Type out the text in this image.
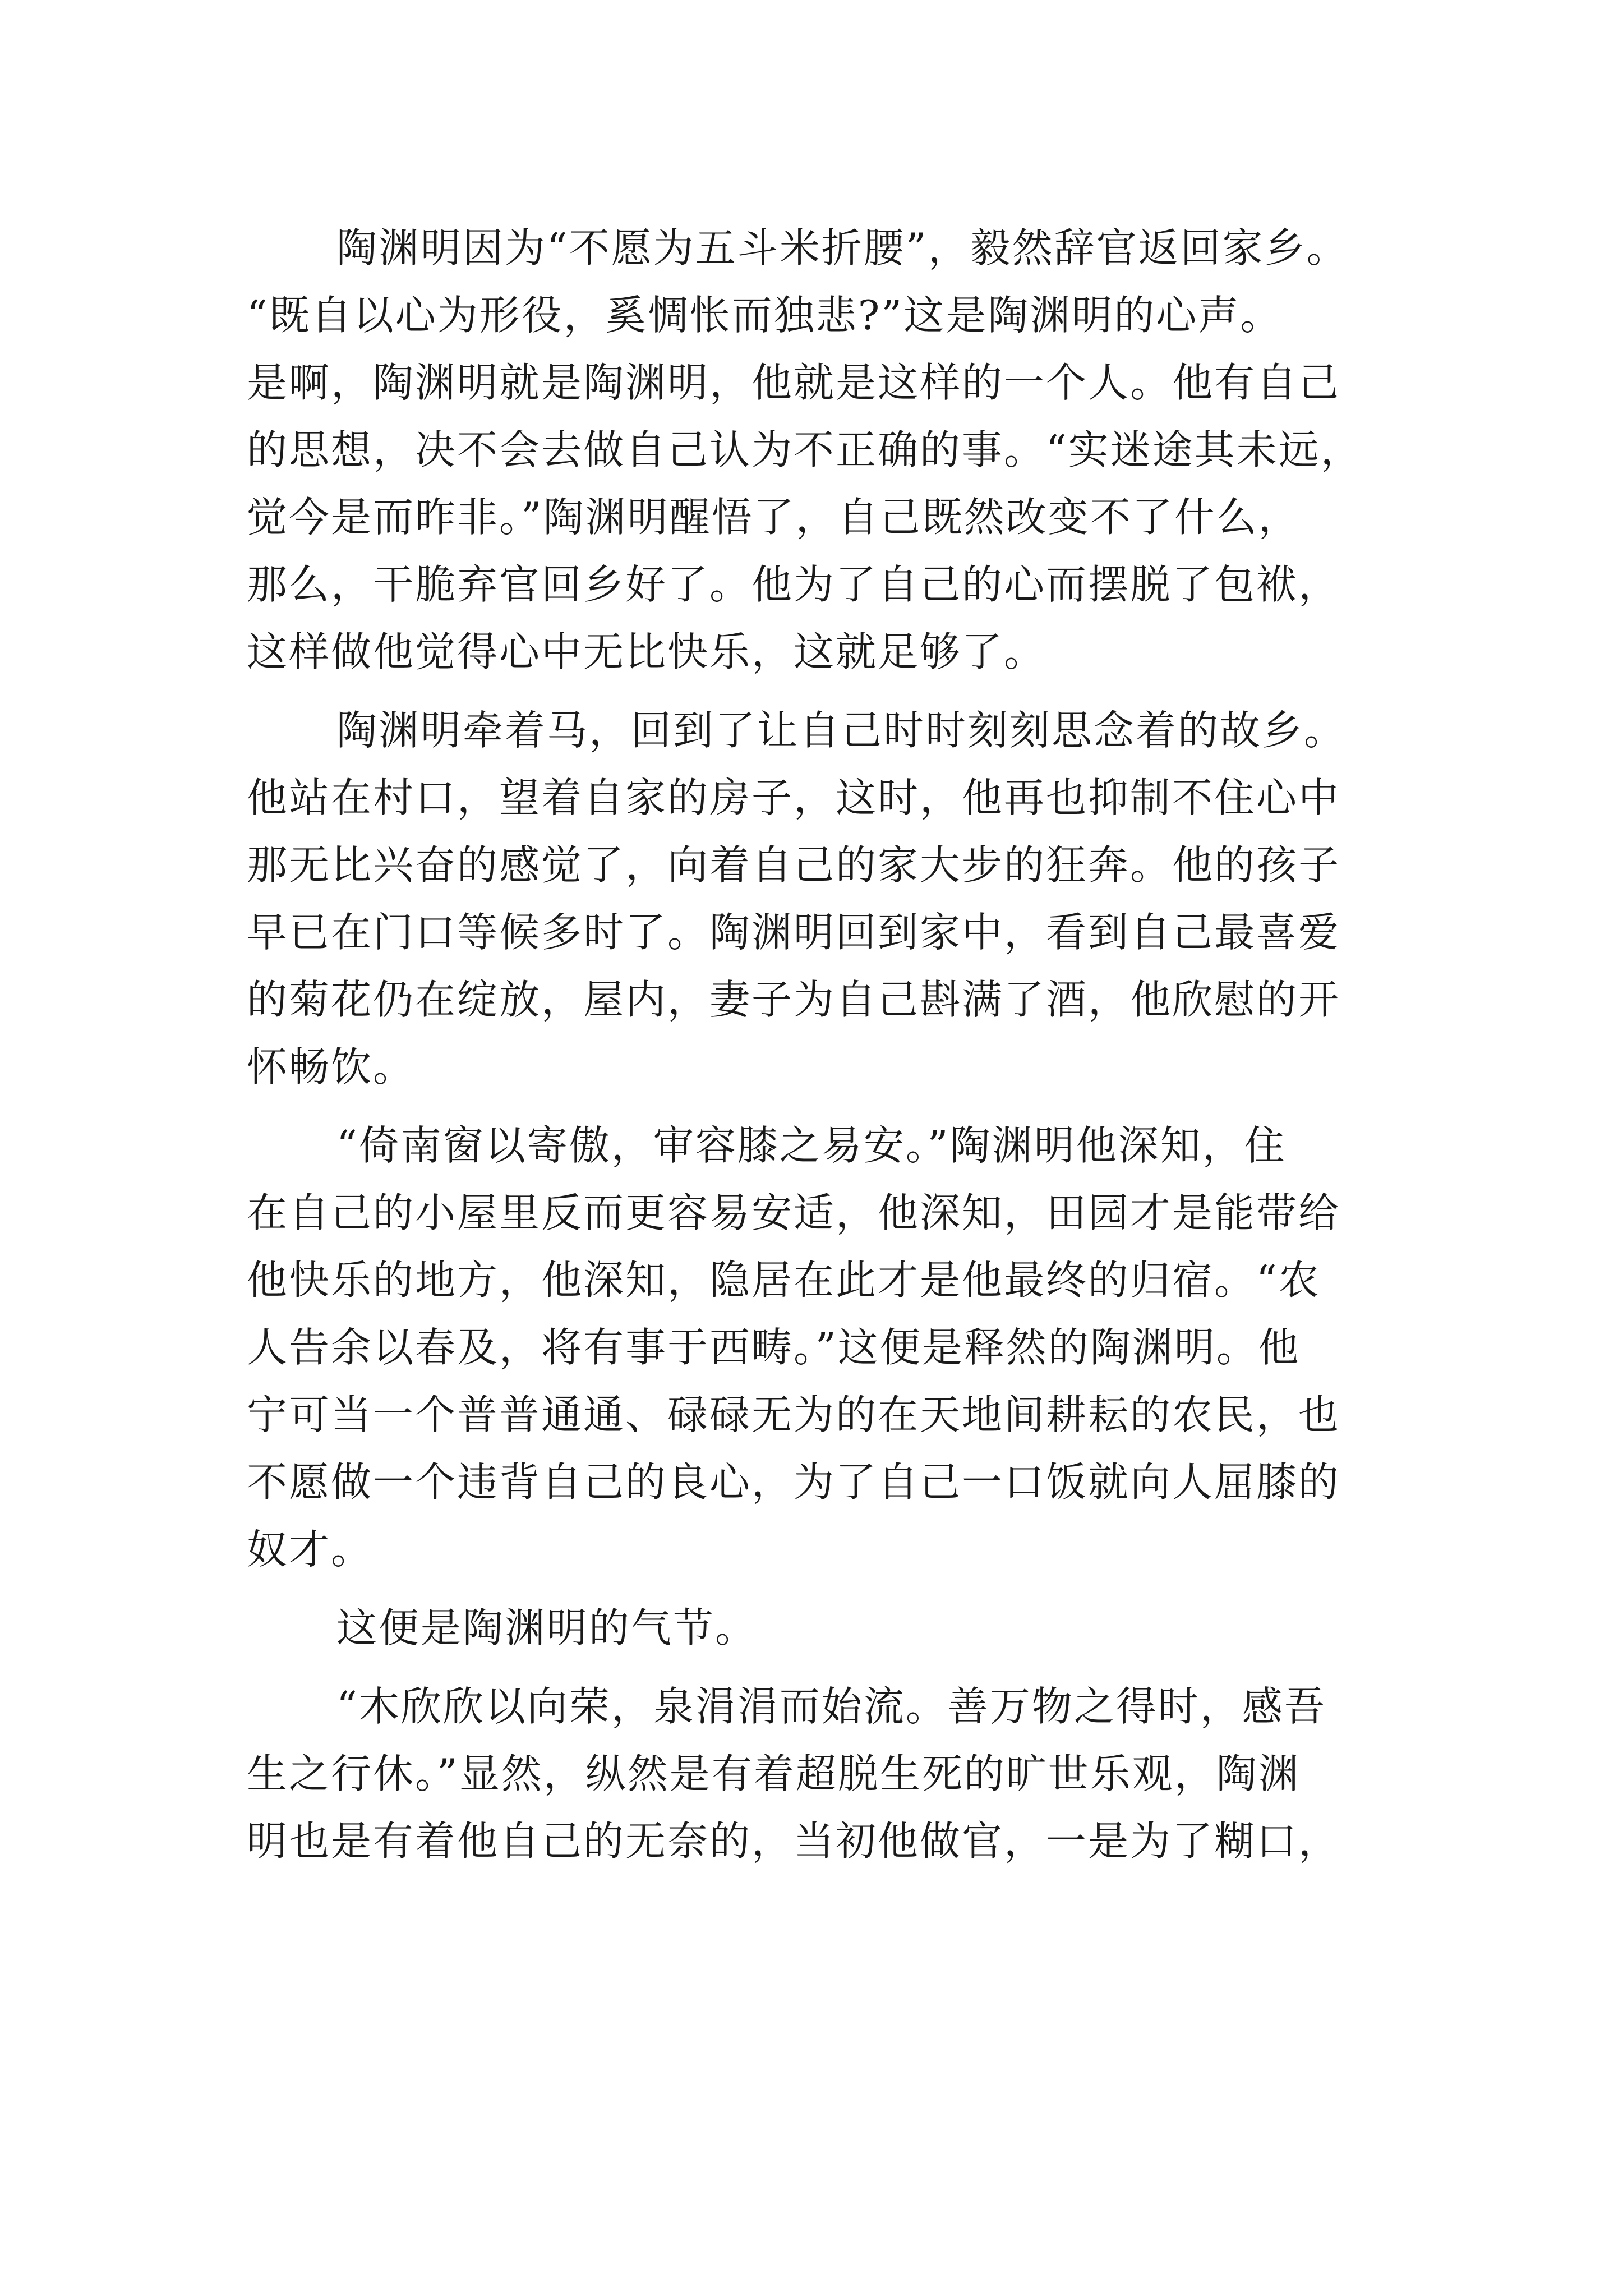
陶渊明因为“不愿为五斗米折腰”，毅然辞官返回家乡。
“既自以心为形役，奚惆怅而独悲?”这是陶渊明的心声。
是啊，陶渊明就是陶渊明，他就是这样的一个人。他有自己
的思想，决不会去做自己认为不正确的事。“实迷途其未远，
觉今是而昨非。”陶渊明醒悟了，自己既然改变不了什么，
那么，干脆弃官回乡好了。他为了自己的心而摆脱了包袱，
这样做他觉得心中无比快乐，这就足够了。
陶渊明牵着马，回到了让自己时时刻刻思念着的故乡。
他站在村口，望着自家的房子，这时，他再也抑制不住心中
那无比兴奋的感觉了，向着自己的家大步的狂奔。他的孩子
早已在门口等候多时了。陶渊明回到家中，看到自己最喜爱
的菊花仍在绽放，屋内，妻子为自己斟满了酒，他欣慰的开
怀畅饮。
“倚南窗以寄傲，审容膝之易安。”陶渊明他深知，住
在自己的小屋里反而更容易安适，他深知，田园才是能带给
他快乐的地方，他深知，隐居在此才是他最终的归宿。“农
人告余以春及，将有事于西畴。”这便是释然的陶渊明。他
宁可当一个普普通通、碌碌无为的在天地间耕耘的农民，也
不愿做一个违背自己的良心，为了自己一口饭就向人屈膝的
奴才。
这便是陶渊明的气节。
“木欣欣以向荣，泉涓涓而始流。善万物之得时，感吾
生之行休。”显然，纵然是有着超脱生死的旷世乐观，陶渊
明也是有着他自己的无奈的，当初他做官，一是为了糊口，
